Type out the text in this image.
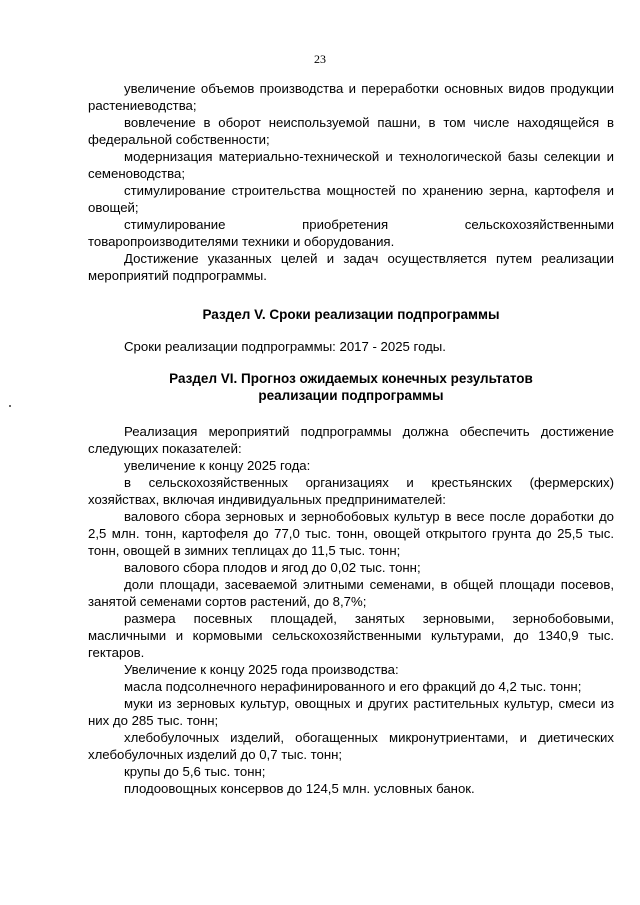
23

увеличение объемов производства и переработки основных видов продукции растениеводства;

вовлечение в оборот неиспользуемой пашни, в том числе находящейся в федеральной собственности;

модернизация материально-технической и технологической базы селекции и семеноводства;

стимулирование строительства мощностей по хранению зерна, картофеля и овощей;

стимулирование приобретения сельскохозяйственными товаропроизводителями техники и оборудования.

Достижение указанных целей и задач осуществляется путем реализации мероприятий подпрограммы.

Раздел V. Сроки реализации подпрограммы

Сроки реализации подпрограммы: 2017 - 2025 годы.

Раздел VI. Прогноз ожидаемых конечных результатов
реализации подпрограммы

Реализация мероприятий подпрограммы должна обеспечить достижение следующих показателей:

увеличение к концу 2025 года:

в сельскохозяйственных организациях и крестьянских (фермерских) хозяйствах, включая индивидуальных предпринимателей:

валового сбора зерновых и зернобобовых культур в весе после доработки до 2,5 млн. тонн, картофеля до 77,0 тыс. тонн, овощей открытого грунта до 25,5 тыс. тонн, овощей в зимних теплицах до 11,5 тыс. тонн;

валового сбора плодов и ягод до 0,02 тыс. тонн;

доли площади, засеваемой элитными семенами, в общей площади посевов, занятой семенами сортов растений, до 8,7%;

размера посевных площадей, занятых зерновыми, зернобобовыми, масличными и кормовыми сельскохозяйственными культурами, до 1340,9 тыс. гектаров.

Увеличение к концу 2025 года производства:

масла подсолнечного нерафинированного и его фракций до 4,2 тыс. тонн;

муки из зерновых культур, овощных и других растительных культур, смеси из них до 285 тыс. тонн;

хлебобулочных изделий, обогащенных микронутриентами, и диетических хлебобулочных изделий до 0,7 тыс. тонн;

крупы до 5,6 тыс. тонн;

плодоовощных консервов до 124,5 млн. условных банок.
